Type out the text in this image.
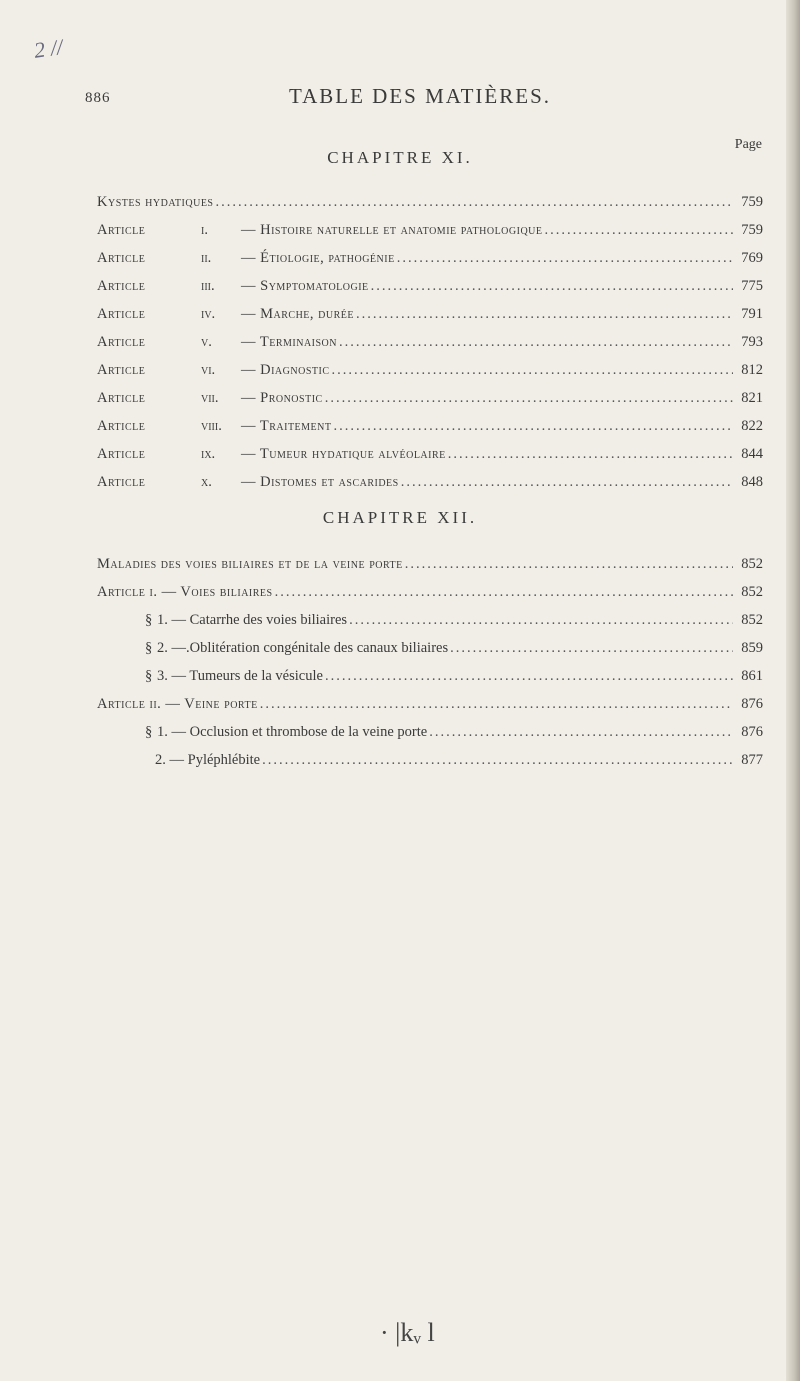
2 //
886	TABLE DES MATIÈRES.
Page
CHAPITRE XI.
Kystes hydatiques .....	759
Article	i. — Histoire naturelle et anatomie pathologique .....	759
Article	ii. — Étiologie, pathogénie .....	769
Article	iii. — Symptomatologie .....	775
Article	iv. — Marche, durée .....	791
Article	v. — Terminaison .....	793
Article	vi. — Diagnostic .....	812
Article	vii. — Pronostic .....	821
Article	viii. — Traitement .....	822
Article	ix. — Tumeur hydatique alvéolaire .....	844
Article	x. — Distomes et ascarides .....	848
CHAPITRE XII.
Maladies des voies biliaires et de la veine porte .....	852
Article i. — Voies biliaires .....	852
§ 1. — Catarrhe des voies biliaires .....	852
§ 2. —.Oblitération congénitale des canaux biliaires .....	859
§ 3. — Tumeurs de la vésicule .....	861
Article ii. — Veine porte .....	876
§ 1. — Occlusion et thrombose de la veine porte .....	876
2. — Pyléphlébite .....	877
· |kᵥ l
